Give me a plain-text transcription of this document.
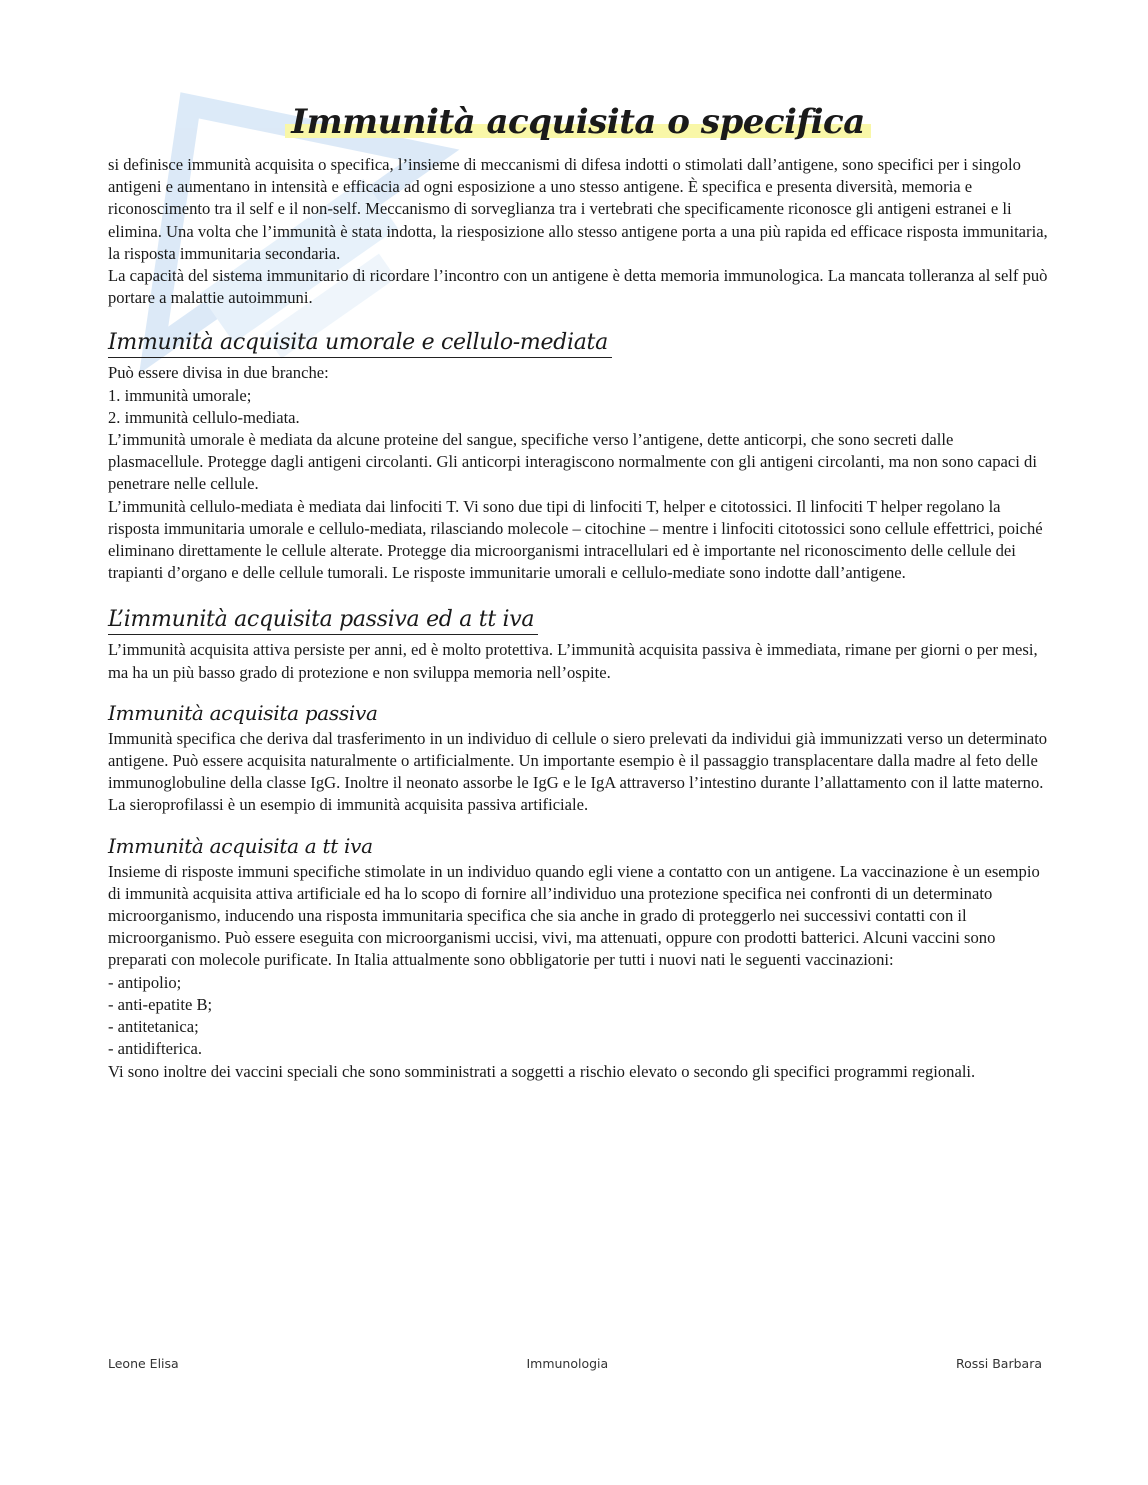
Immunità acquisita o specifica

si definisce immunità acquisita o specifica, l’insieme di meccanismi di difesa indotti o stimolati dall’antigene, sono specifici per i singolo antigeni e aumentano in intensità e efficacia ad ogni esposizione a uno stesso antigene. È specifica e presenta diversità, memoria e riconoscimento tra il self e il non-self. Meccanismo di sorveglianza tra i vertebrati che specificamente riconosce gli antigeni estranei e li elimina. Una volta che l’immunità è stata indotta, la riesposizione allo stesso antigene porta a una più rapida ed efficace risposta immunitaria, la risposta immunitaria secondaria.

La capacità del sistema immunitario di ricordare l’incontro con un antigene è detta memoria immunologica. La mancata tolleranza al self può portare a malattie autoimmuni.

Immunità acquisita umorale e cellulo-mediata

Può essere divisa in due branche:

1. immunità umorale;

2. immunità cellulo-mediata.

L’immunità umorale è mediata da alcune proteine del sangue, specifiche verso l’antigene, dette anticorpi, che sono secreti dalle plasmacellule. Protegge dagli antigeni circolanti. Gli anticorpi interagiscono normalmente con gli antigeni circolanti, ma non sono capaci di penetrare nelle cellule.

L’immunità cellulo-mediata è mediata dai linfociti T. Vi sono due tipi di linfociti T, helper e citotossici. Il linfociti T helper regolano la risposta immunitaria umorale e cellulo-mediata, rilasciando molecole – citochine – mentre i linfociti citotossici sono cellule effettrici, poiché eliminano direttamente le cellule alterate. Protegge dia microorganismi intracellulari ed è importante nel riconoscimento delle cellule dei trapianti d’organo e delle cellule tumorali. Le risposte immunitarie umorali e cellulo-mediate sono indotte dall’antigene.

L’immunità acquisita passiva ed a tt iva

L’immunità acquisita attiva persiste per anni, ed è molto protettiva. L’immunità acquisita passiva è immediata, rimane per giorni o per mesi, ma ha un più basso grado di protezione e non sviluppa memoria nell’ospite.

Immunità acquisita passiva

Immunità specifica che deriva dal trasferimento in un individuo di cellule o siero prelevati da individui già immunizzati verso un determinato antigene. Può essere acquisita naturalmente o artificialmente. Un importante esempio è il passaggio transplacentare dalla madre al feto delle immunoglobuline della classe IgG. Inoltre il neonato assorbe le IgG e le IgA attraverso l’intestino durante l’allattamento con il latte materno. La sieroprofilassi è un esempio di immunità acquisita passiva artificiale.

Immunità acquisita a tt iva

Insieme di risposte immuni specifiche stimolate in un individuo quando egli viene a contatto con un antigene. La vaccinazione è un esempio di immunità acquisita attiva artificiale ed ha lo scopo di fornire all’individuo una protezione specifica nei confronti di un determinato microorganismo, inducendo una risposta immunitaria specifica che sia anche in grado di proteggerlo nei successivi contatti con il microorganismo. Può essere eseguita con microorganismi uccisi, vivi, ma attenuati, oppure con prodotti batterici. Alcuni vaccini sono preparati con molecole purificate. In Italia attualmente sono obbligatorie per tutti i nuovi nati le seguenti vaccinazioni:

- antipolio;

- anti-epatite B;

- antitetanica;

- antidifterica.

Vi sono inoltre dei vaccini speciali che sono somministrati a soggetti a rischio elevato o secondo gli specifici programmi regionali.

Leone Elisa	Immunologia	Rossi Barbara
